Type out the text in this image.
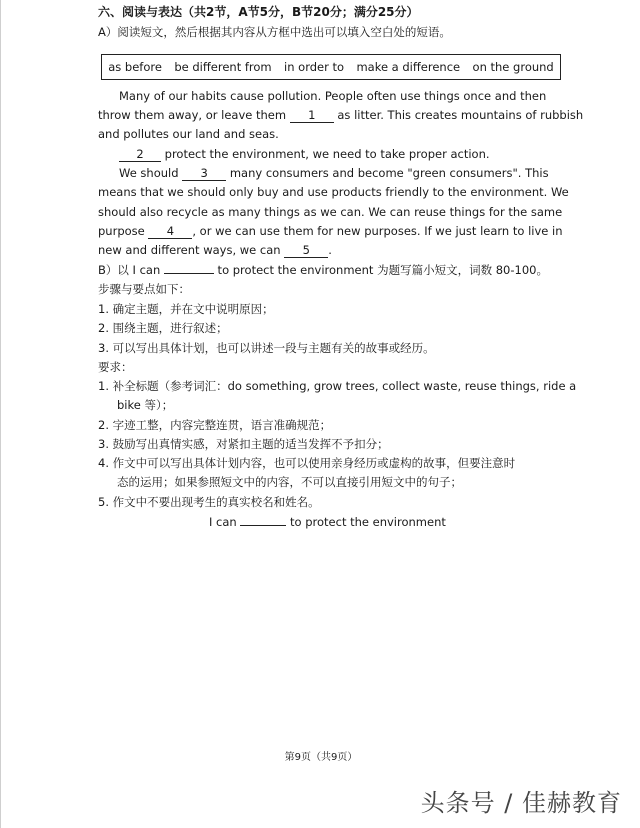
六、阅读与表达（共2节，A节5分，B节20分；满分25分）
A）阅读短文，然后根据其内容从方框中选出可以填入空白处的短语。
as before be different from in order to make a difference on the ground
Many of our habits cause pollution. People often use things once and then
throw them away, or leave them 1 as litter. This creates mountains of rubbish
and pollutes our land and seas.
2 protect the environment, we need to take proper action.
We should 3 many consumers and become "green consumers". This
means that we should only buy and use products friendly to the environment. We
should also recycle as many things as we can. We can reuse things for the same
purpose 4 , or we can use them for new purposes. If we just learn to live in
new and different ways, we can 5 .
B）以 I can	to protect the environment 为题写篇小短文，词数 80-100。
步骤与要点如下：
1. 确定主题，并在文中说明原因；
2. 围绕主题，进行叙述；
3. 可以写出具体计划，也可以讲述一段与主题有关的故事或经历。
要求：
1. 补全标题（参考词汇：do something, grow trees, collect waste, reuse things, ride a
bike 等）；
2. 字迹工整，内容完整连贯，语言准确规范；
3. 鼓励写出真情实感，对紧扣主题的适当发挥不予扣分；
4. 作文中可以写出具体计划内容，也可以使用亲身经历或虚构的故事，但要注意时
态的运用；如果参照短文中的内容，不可以直接引用短文中的句子；
5. 作文中不要出现考生的真实校名和姓名。
I can	to protect the environment
第9页（共9页）
头条号 / 佳赫教育
